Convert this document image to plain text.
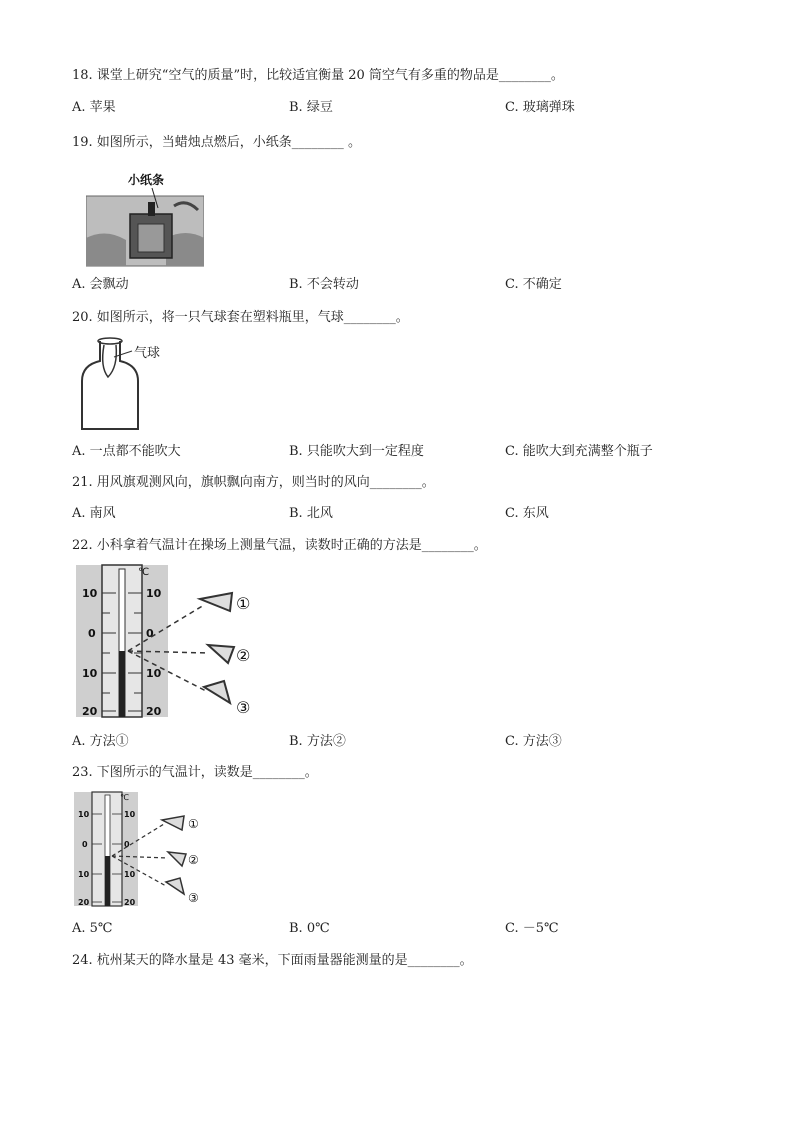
18. 课堂上研究“空气的质量”时，比较适宜衡量 20 筒空气有多重的物品是________。
A. 苹果	B. 绿豆	C. 玻璃弹珠
19. 如图所示，当蜡烛点燃后，小纸条________ 。
小纸条
A. 会飘动	B. 不会转动	C. 不确定
20. 如图所示，将一只气球套在塑料瓶里，气球________。
气球
A. 一点都不能吹大	B. 只能吹大到一定程度	C. 能吹大到充满整个瓶子
21. 用风旗观测风向，旗帜飘向南方，则当时的风向________。
A. 南风	B. 北风	C. 东风
22. 小科拿着气温计在操场上测量气温，读数时正确的方法是________。
℃
10	10
0	0
10	10
20	20
①
②
③
A. 方法①	B. 方法②	C. 方法③
23. 下图所示的气温计，读数是________。
℃
10	10
0	0
10	10
20	20
①
②
③
A. 5℃	B. 0℃	C. －5℃
24. 杭州某天的降水量是 43 毫米，下面雨量器能测量的是________。
